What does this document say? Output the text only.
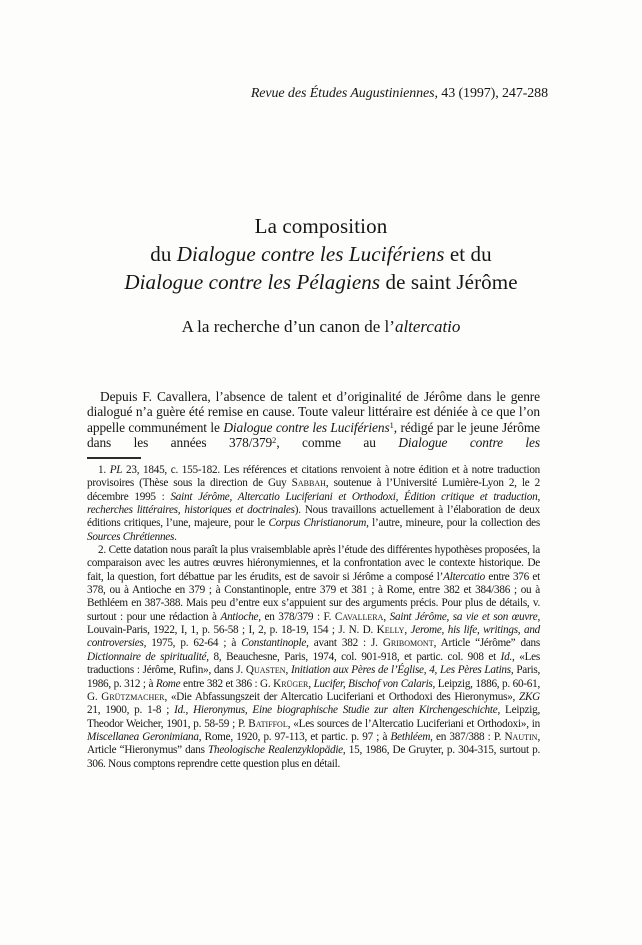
Revue des Études Augustiniennes, 43 (1997), 247-288
La composition
du Dialogue contre les Lucifériens et du
Dialogue contre les Pélagiens de saint Jérôme
A la recherche d’un canon de l’altercatio

Depuis F. Cavallera, l’absence de talent et d’originalité de Jérôme dans le genre dialogué n’a guère été remise en cause. Toute valeur littéraire est déniée à ce que l’on appelle communément le Dialogue contre les Lucifériens$^1$, rédigé par le jeune Jérôme dans les années $378/379^2$, comme au Dialogue contre les

1. PL 23, 1845, c. 155-182. Les références et citations renvoient à notre édition et à notre traduction provisoires (Thèse sous la direction de Guy Sabbah, soutenue à l’Université Lumière-Lyon 2, le 2 décembre 1995 : Saint Jérôme, Altercatio Luciferiani et Orthodoxi, Édition critique et traduction, recherches littéraires, historiques et doctrinales). Nous travaillons actuellement à l’élaboration de deux éditions critiques, l’une, majeure, pour le Corpus Christianorum, l’autre, mineure, pour la collection des Sources Chrétiennes.

2. Cette datation nous paraît la plus vraisemblable après l’étude des différentes hypothèses proposées, la comparaison avec les autres œuvres hiéronymiennes, et la confrontation avec le contexte historique. De fait, la question, fort débattue par les érudits, est de savoir si Jérôme a composé l’Altercatio entre 376 et 378, ou à Antioche en 379 ; à Constantinople, entre 379 et 381 ; à Rome, entre 382 et 384/386 ; ou à Bethléem en 387-388. Mais peu d’entre eux s’appuient sur des arguments précis. Pour plus de détails, v. surtout : pour une rédaction à Antioche, en 378/379 : F. Cavallera, Saint Jérôme, sa vie et son œuvre, Louvain-Paris, 1922, I, 1, p. 56-58 ; I, 2, p. 18-19, 154 ; J. N. D. Kelly, Jerome, his life, writings, and controversies, 1975, p. 62-64 ; à Constantinople, avant 382 : J. Gribomont, Article “Jérôme” dans Dictionnaire de spiritualité, 8, Beauchesne, Paris, 1974, col. 901-918, et partic. col. 908 et Id., «Les traductions : Jérôme, Rufin», dans J. Quasten, Initiation aux Pères de l’Église, 4, Les Pères Latins, Paris, 1986, p. 312 ; à Rome entre 382 et 386 : G. Krüger, Lucifer, Bischof von Calaris, Leipzig, 1886, p. 60-61, G. Grützmacher, «Die Abfassungszeit der Altercatio Luciferiani et Orthodoxi des Hieronymus», ZKG 21, 1900, p. 1-8 ; Id., Hieronymus, Eine biographische Studie zur alten Kirchengeschichte, Leipzig, Theodor Weicher, 1901, p. 58-59 ; P. Batiffol, «Les sources de l’Altercatio Luciferiani et Orthodoxi», in Miscellanea Geronimiana, Rome, 1920, p. 97-113, et partic. p. 97 ; à Bethléem, en 387/388 : P. Nautin, Article “Hieronymus” dans Theologische Realenzyklopädie, 15, 1986, De Gruyter, p. 304-315, surtout p. 306. Nous comptons reprendre cette question plus en détail.
